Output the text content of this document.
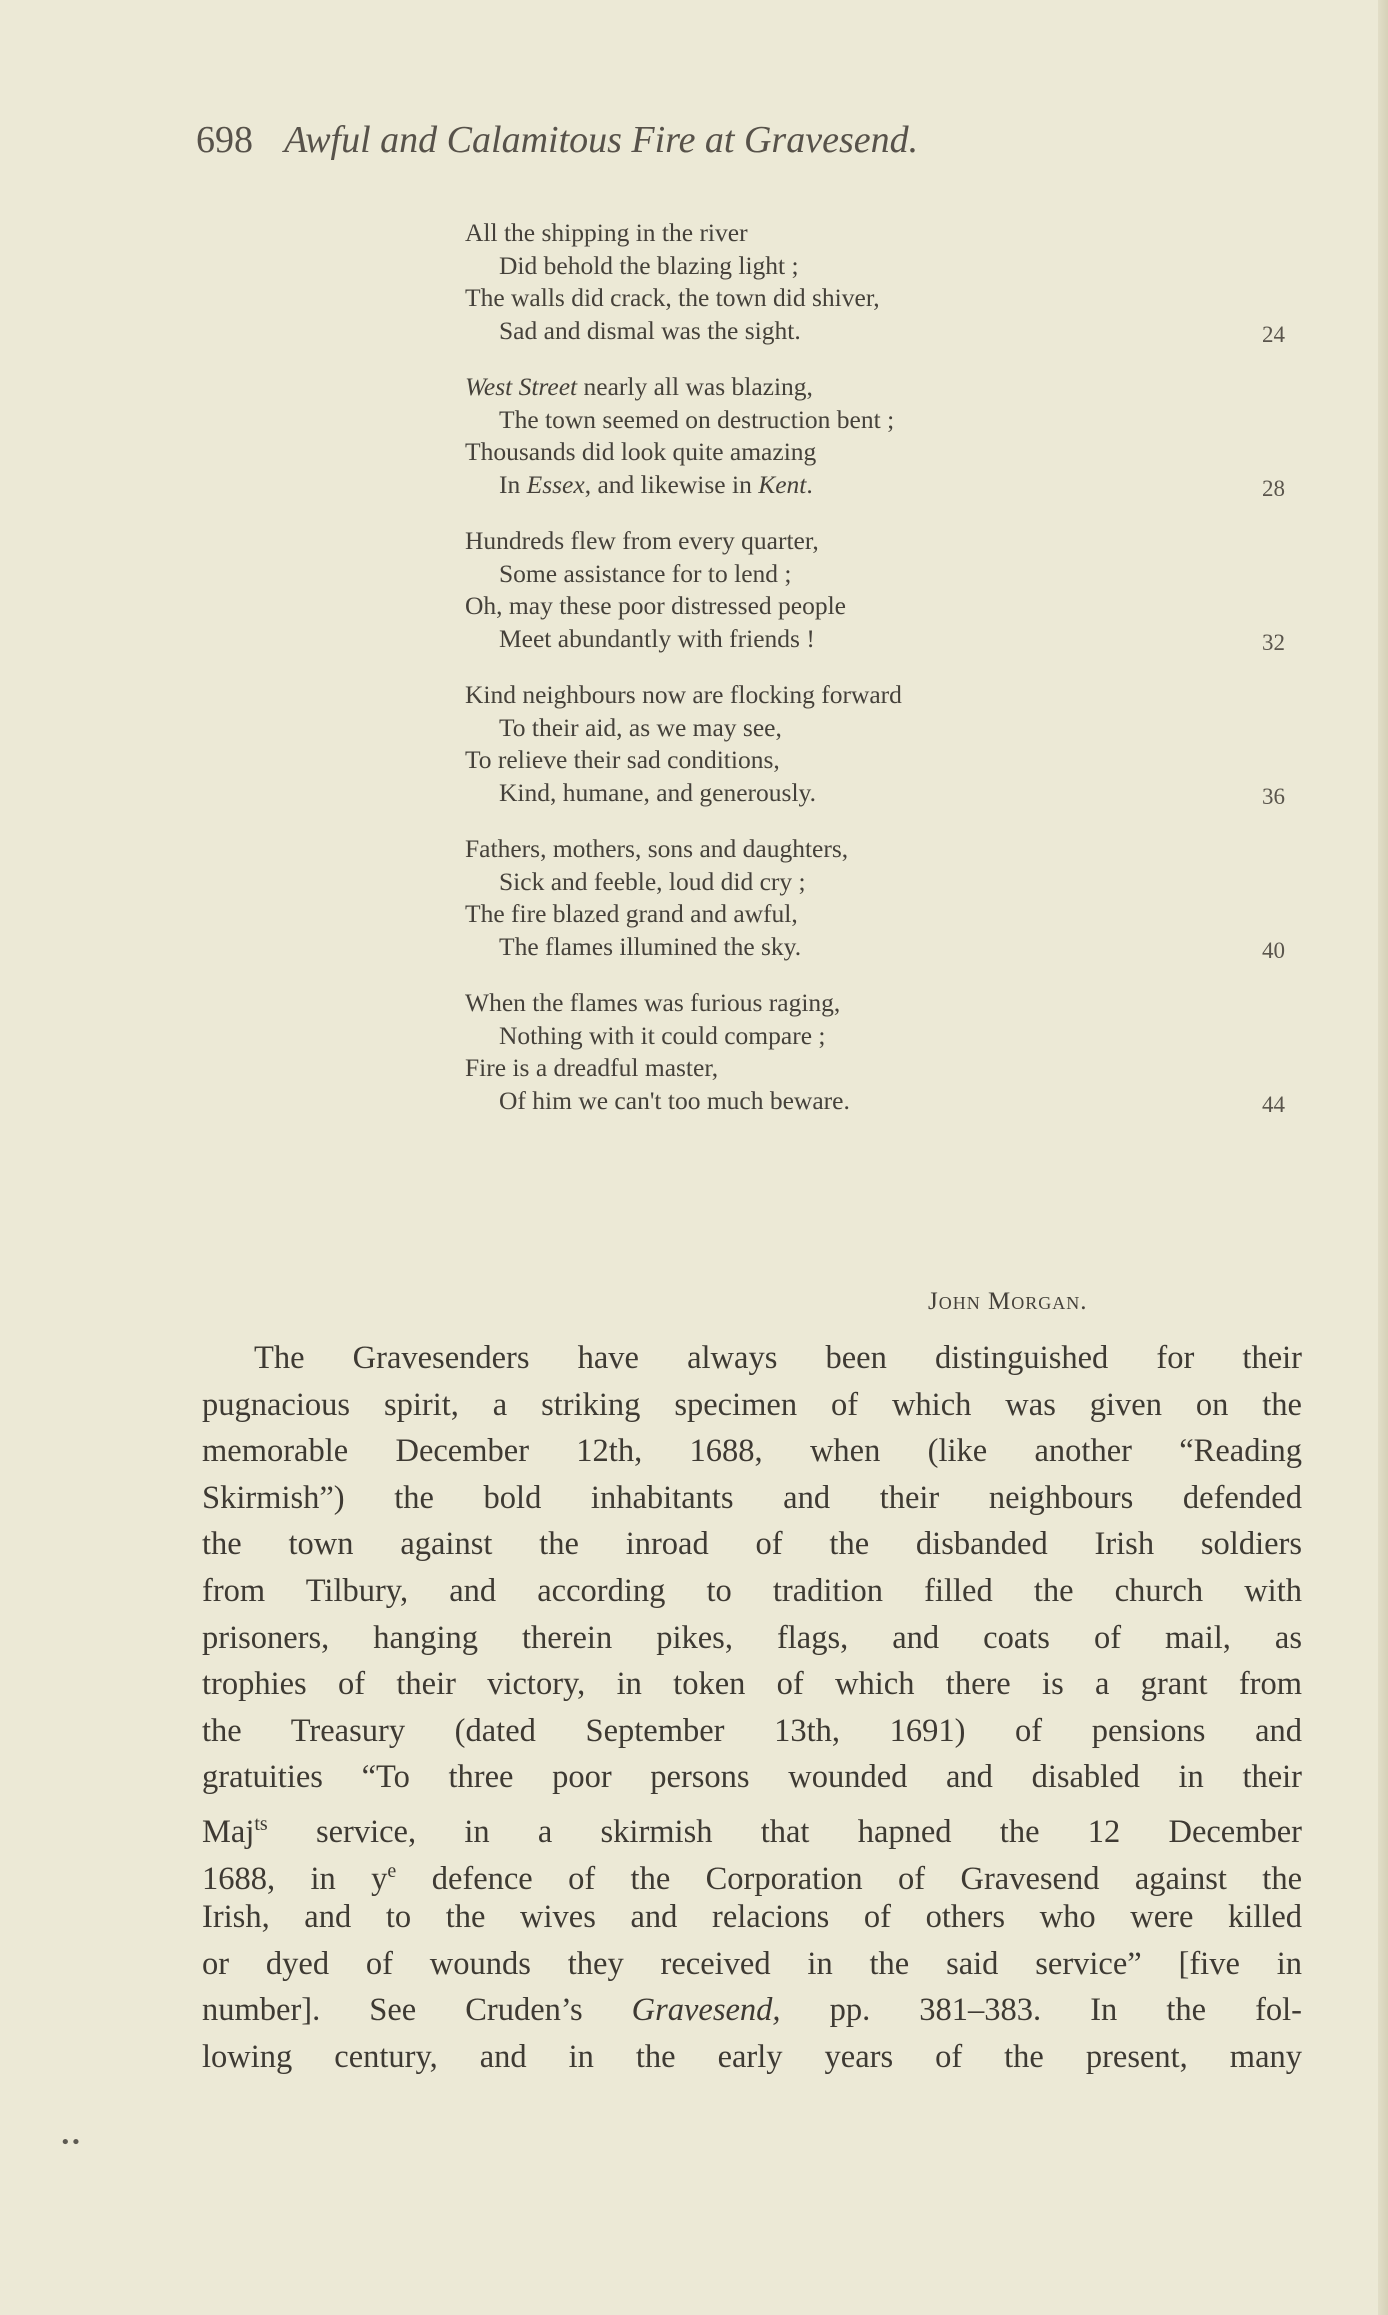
698 Awful and Calamitous Fire at Gravesend.
All the shipping in the river
Did behold the blazing light ;
The walls did crack, the town did shiver,
Sad and dismal was the sight.	24
West Street nearly all was blazing,
The town seemed on destruction bent ;
Thousands did look quite amazing
In Essex, and likewise in Kent.	28
Hundreds flew from every quarter,
Some assistance for to lend ;
Oh, may these poor distressed people
Meet abundantly with friends !	32
Kind neighbours now are flocking forward
To their aid, as we may see,
To relieve their sad conditions,
Kind, humane, and generously.	36
Fathers, mothers, sons and daughters,
Sick and feeble, loud did cry ;
The fire blazed grand and awful,
The flames illumined the sky.	40
When the flames was furious raging,
Nothing with it could compare ;
Fire is a dreadful master,
Of him we can't too much beware.	44
John Morgan.
The Gravesenders have always been distinguished for their
pugnacious spirit, a striking specimen of which was given on the
memorable December 12th, 1688, when (like another “Reading
Skirmish”) the bold inhabitants and their neighbours defended
the town against the inroad of the disbanded Irish soldiers
from Tilbury, and according to tradition filled the church with
prisoners, hanging therein pikes, flags, and coats of mail, as
trophies of their victory, in token of which there is a grant from
the Treasury (dated September 13th, 1691) of pensions and
gratuities “To three poor persons wounded and disabled in their
Maj$^{ts}$ service, in a skirmish that hapned the 12 December
1688, in $y^e$ defence of the Corporation of Gravesend against the
Irish, and to the wives and relacions of others who were killed
or dyed of wounds they received in the said service” [five in
number]. See Cruden’s Gravesend, pp. 381–383. In the fol-
lowing century, and in the early years of the present, many
••
